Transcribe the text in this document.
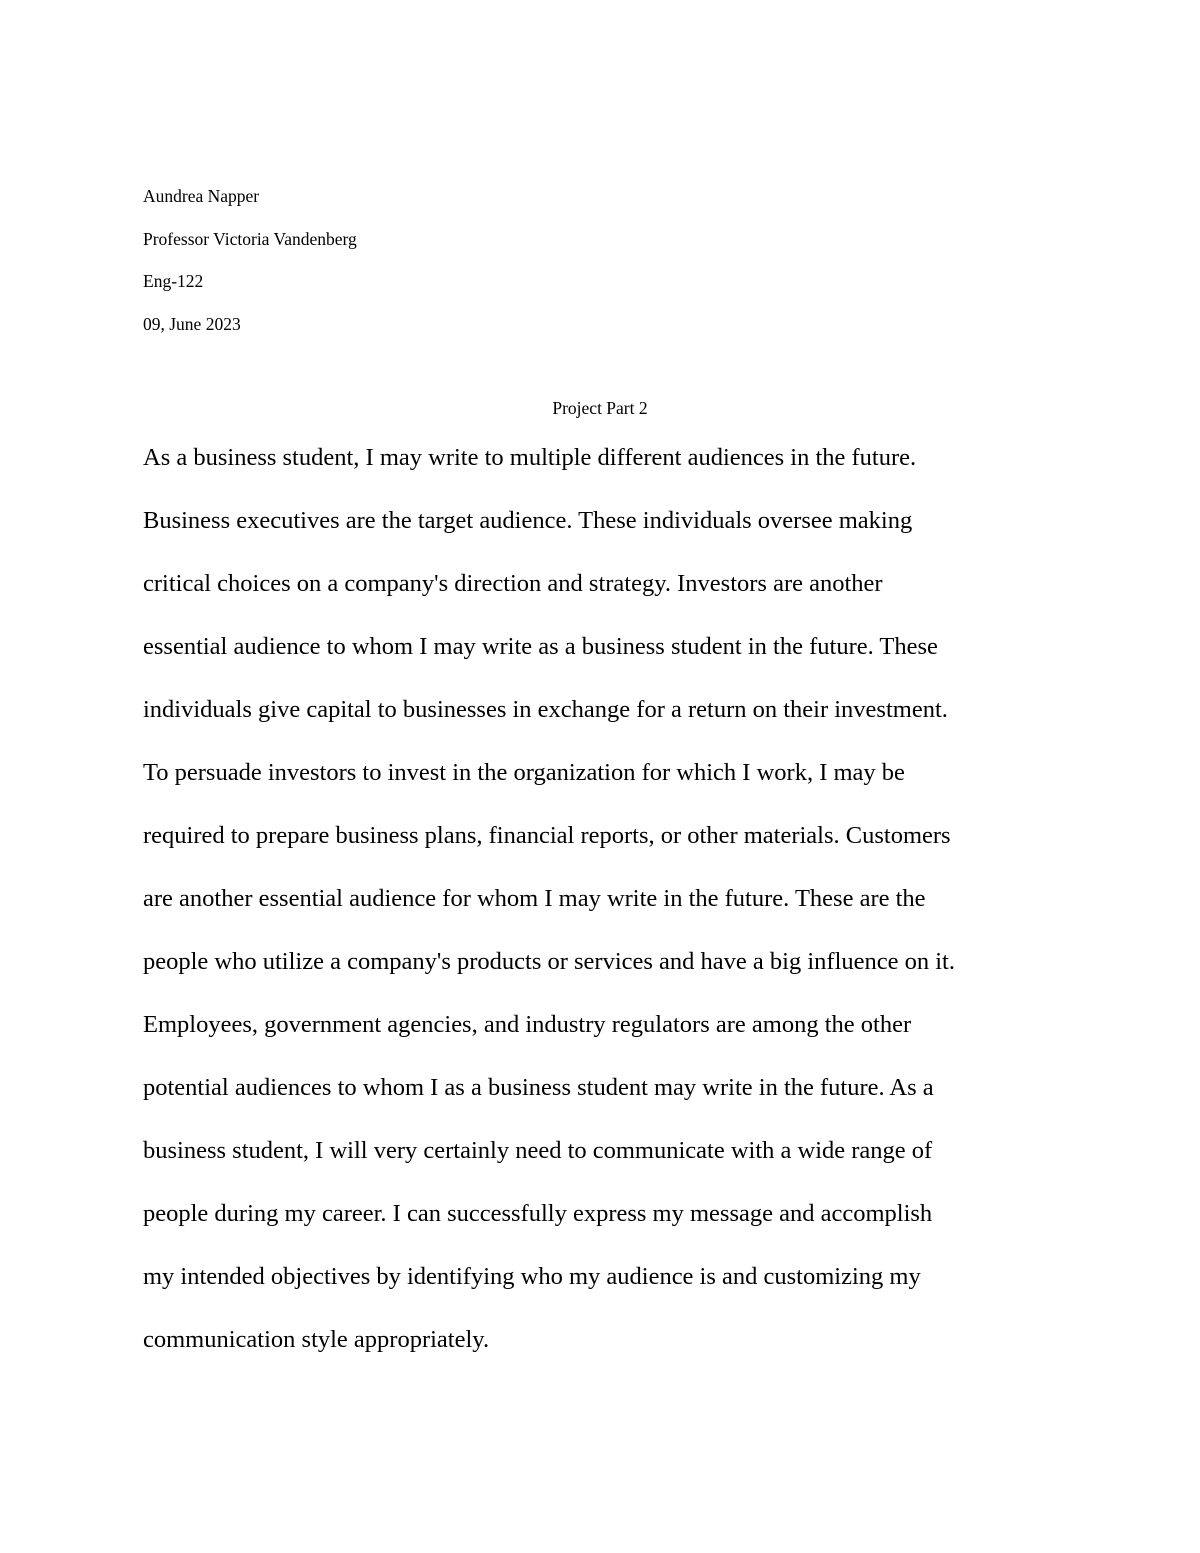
Aundrea Napper
Professor Victoria Vandenberg
Eng-122
09, June 2023
Project Part 2
As a business student, I may write to multiple different audiences in the future.
Business executives are the target audience. These individuals oversee making
critical choices on a company's direction and strategy. Investors are another
essential audience to whom I may write as a business student in the future. These
individuals give capital to businesses in exchange for a return on their investment.
To persuade investors to invest in the organization for which I work, I may be
required to prepare business plans, financial reports, or other materials. Customers
are another essential audience for whom I may write in the future. These are the
people who utilize a company's products or services and have a big influence on it.
Employees, government agencies, and industry regulators are among the other
potential audiences to whom I as a business student may write in the future. As a
business student, I will very certainly need to communicate with a wide range of
people during my career. I can successfully express my message and accomplish
my intended objectives by identifying who my audience is and customizing my
communication style appropriately.
